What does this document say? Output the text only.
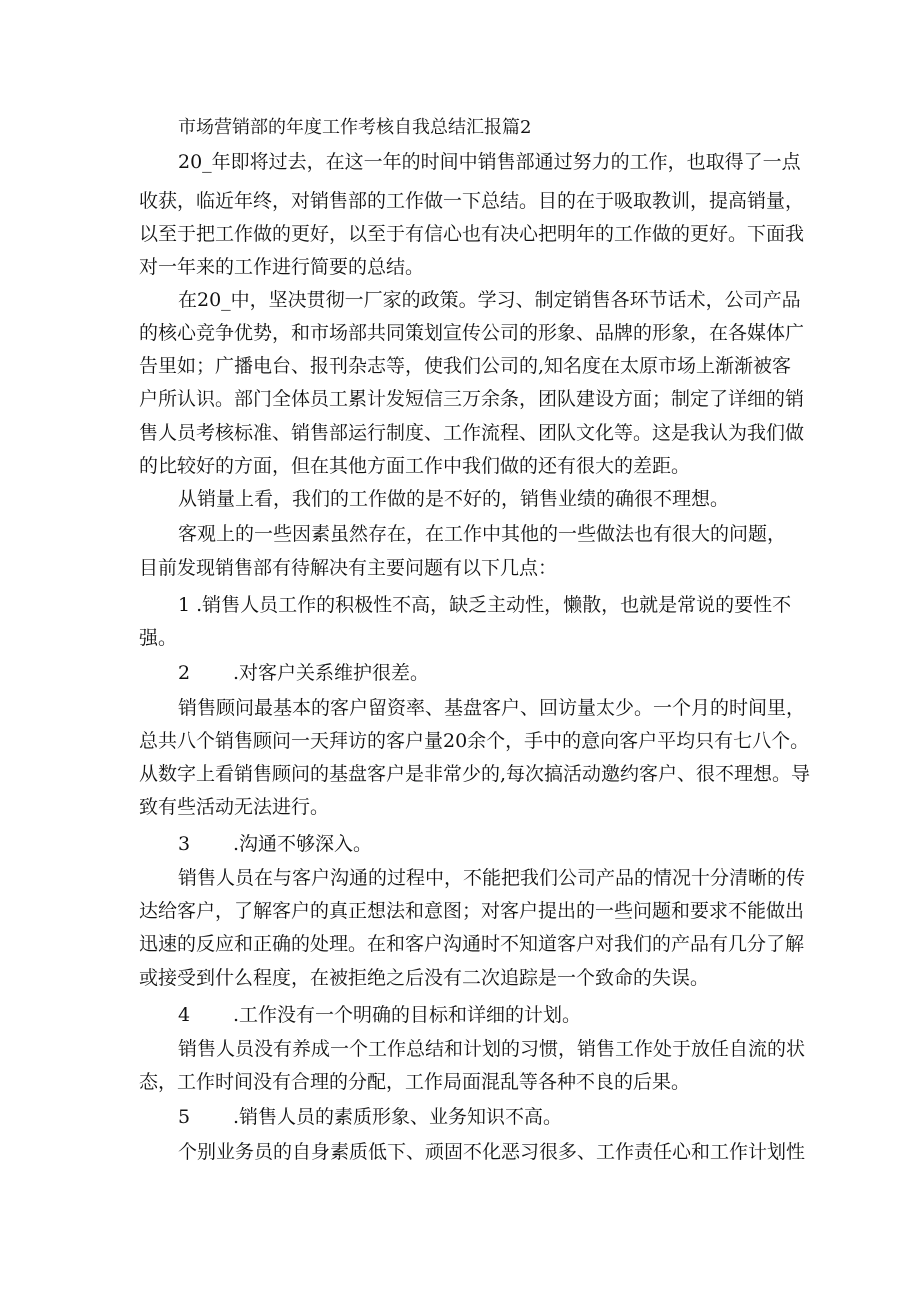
市场营销部的年度工作考核自我总结汇报篇2
20_年即将过去，在这一年的时间中销售部通过努力的工作，也取得了一点
收获，临近年终，对销售部的工作做一下总结。目的在于吸取教训，提高销量，
以至于把工作做的更好，以至于有信心也有决心把明年的工作做的更好。下面我
对一年来的工作进行简要的总结。
在20_中，坚决贯彻一厂家的政策。学习、制定销售各环节话术，公司产品
的核心竞争优势，和市场部共同策划宣传公司的形象、品牌的形象，在各媒体广
告里如；广播电台、报刊杂志等，使我们公司的,知名度在太原市场上渐渐被客
户所认识。部门全体员工累计发短信三万余条，团队建设方面；制定了详细的销
售人员考核标准、销售部运行制度、工作流程、团队文化等。这是我认为我们做
的比较好的方面，但在其他方面工作中我们做的还有很大的差距。
从销量上看，我们的工作做的是不好的，销售业绩的确很不理想。
客观上的一些因素虽然存在，在工作中其他的一些做法也有很大的问题，
目前发现销售部有待解决有主要问题有以下几点：
1 .销售人员工作的积极性不高，缺乏主动性，懒散，也就是常说的要性不
强。
2 .对客户关系维护很差。
销售顾问最基本的客户留资率、基盘客户、回访量太少。一个月的时间里，
总共八个销售顾问一天拜访的客户量20余个，手中的意向客户平均只有七八个。
从数字上看销售顾问的基盘客户是非常少的,每次搞活动邀约客户、很不理想。导
致有些活动无法进行。
3 .沟通不够深入。
销售人员在与客户沟通的过程中，不能把我们公司产品的情况十分清晰的传
达给客户，了解客户的真正想法和意图；对客户提出的一些问题和要求不能做出
迅速的反应和正确的处理。在和客户沟通时不知道客户对我们的产品有几分了解
或接受到什么程度，在被拒绝之后没有二次追踪是一个致命的失误。
4 .工作没有一个明确的目标和详细的计划。
销售人员没有养成一个工作总结和计划的习惯，销售工作处于放任自流的状
态，工作时间没有合理的分配，工作局面混乱等各种不良的后果。
5 .销售人员的素质形象、业务知识不高。
个别业务员的自身素质低下、顽固不化恶习很多、工作责任心和工作计划性
